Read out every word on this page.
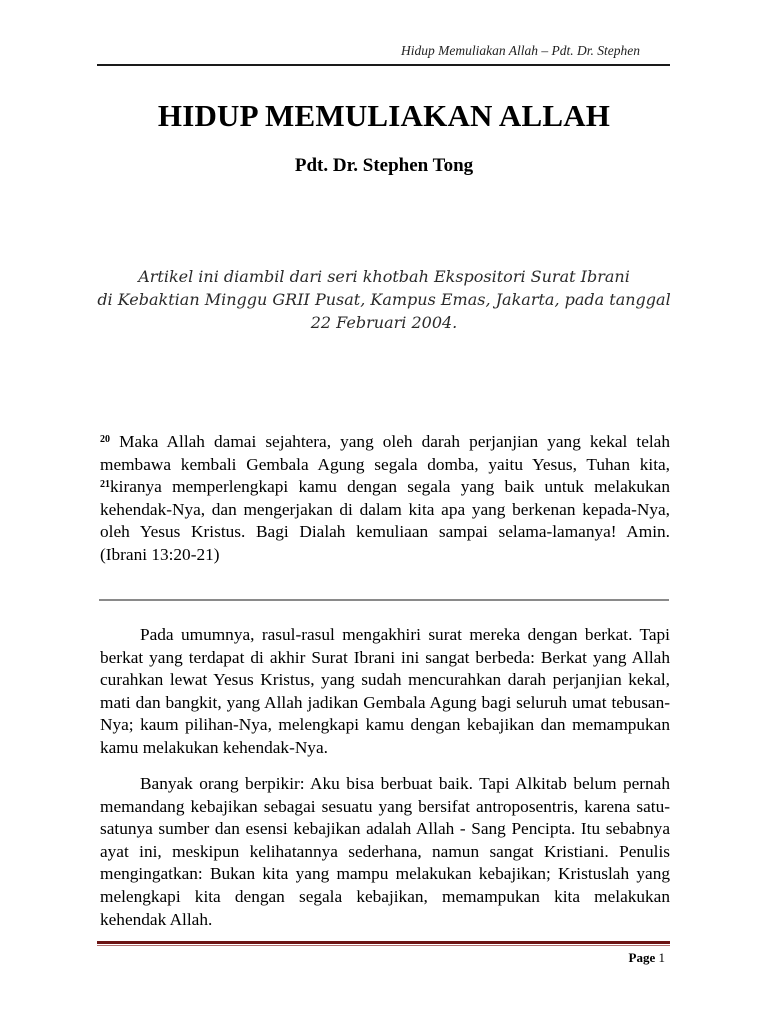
Hidup Memuliakan Allah – Pdt. Dr. Stephen
HIDUP MEMULIAKAN ALLAH
Pdt. Dr. Stephen Tong
Artikel ini diambil dari seri khotbah Ekspositori Surat Ibrani
di Kebaktian Minggu GRII Pusat, Kampus Emas, Jakarta, pada tanggal
22 Februari 2004.
$^{20}$ Maka Allah damai sejahtera, yang oleh darah perjanjian yang kekal telah membawa kembali Gembala Agung segala domba, yaitu Yesus, Tuhan kita, $^{21}$kiranya memperlengkapi kamu dengan segala yang baik untuk melakukan kehendak-Nya, dan mengerjakan di dalam kita apa yang berkenan kepada-Nya, oleh Yesus Kristus. Bagi Dialah kemuliaan sampai selama-lamanya! Amin. (Ibrani 13:20-21)

Pada umumnya, rasul-rasul mengakhiri surat mereka dengan berkat. Tapi berkat yang terdapat di akhir Surat Ibrani ini sangat berbeda: Berkat yang Allah curahkan lewat Yesus Kristus, yang sudah mencurahkan darah perjanjian kekal, mati dan bangkit, yang Allah jadikan Gembala Agung bagi seluruh umat tebusan-Nya; kaum pilihan-Nya, melengkapi kamu dengan kebajikan dan memampukan kamu melakukan kehendak-Nya.

Banyak orang berpikir: Aku bisa berbuat baik. Tapi Alkitab belum pernah memandang kebajikan sebagai sesuatu yang bersifat antroposentris, karena satu-satunya sumber dan esensi kebajikan adalah Allah - Sang Pencipta. Itu sebabnya ayat ini, meskipun kelihatannya sederhana, namun sangat Kristiani. Penulis mengingatkan: Bukan kita yang mampu melakukan kebajikan; Kristuslah yang melengkapi kita dengan segala kebajikan, memampukan kita melakukan kehendak Allah.

Page 1
